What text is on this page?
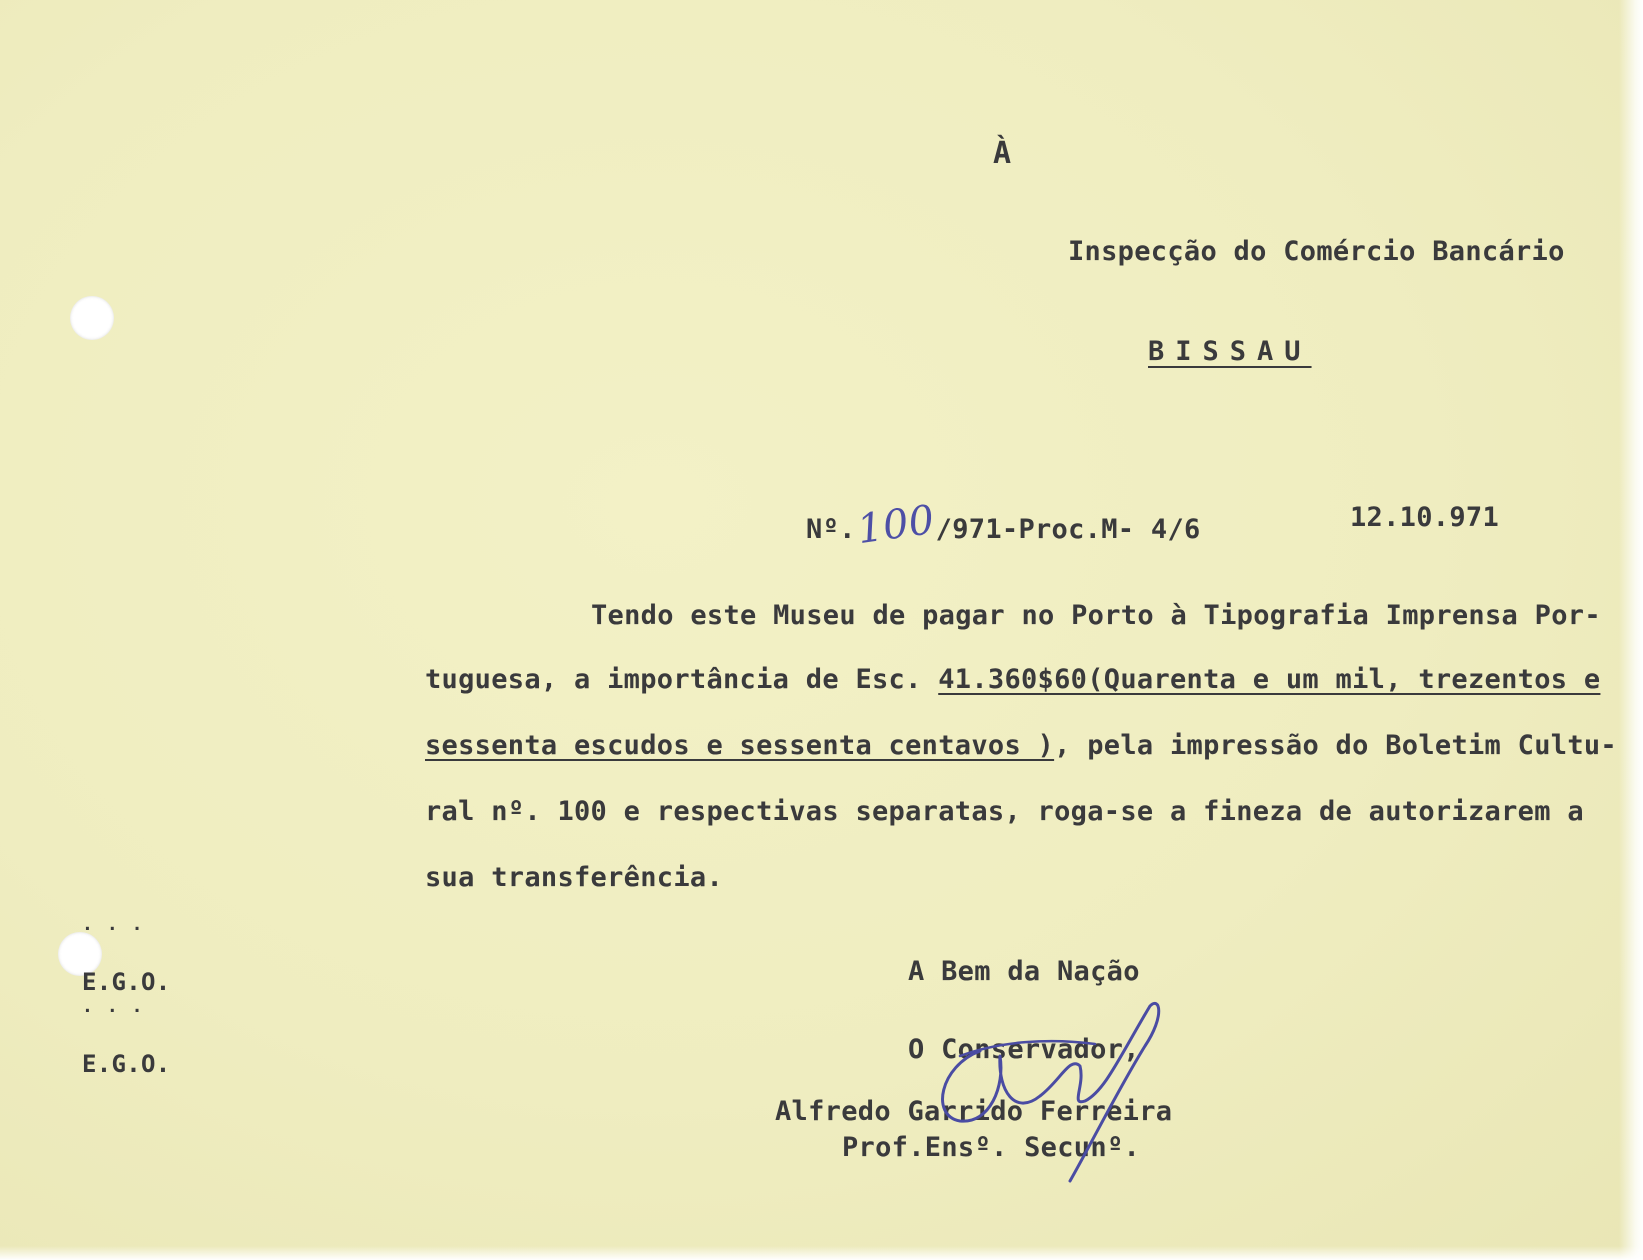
À
Inspecção do Comércio Bancário
BISSAU
Nº.100/971-Proc.M- 4/6	12.10.971
Tendo este Museu de pagar no Porto à Tipografia Imprensa Por-
tuguesa, a importância de Esc. 41.360$60(Quarenta e um mil, trezentos e
sessenta escudos e sessenta centavos ), pela impressão do Boletim Cultu-
ral nº. 100 e respectivas separatas, roga-se a fineza de autorizarem a
sua transferência.
A Bem da Nação
O Conservador,
Alfredo Garrido Ferreira
Prof.Ensº. Secunº.
...
E.G.O.
...
E.G.O.
